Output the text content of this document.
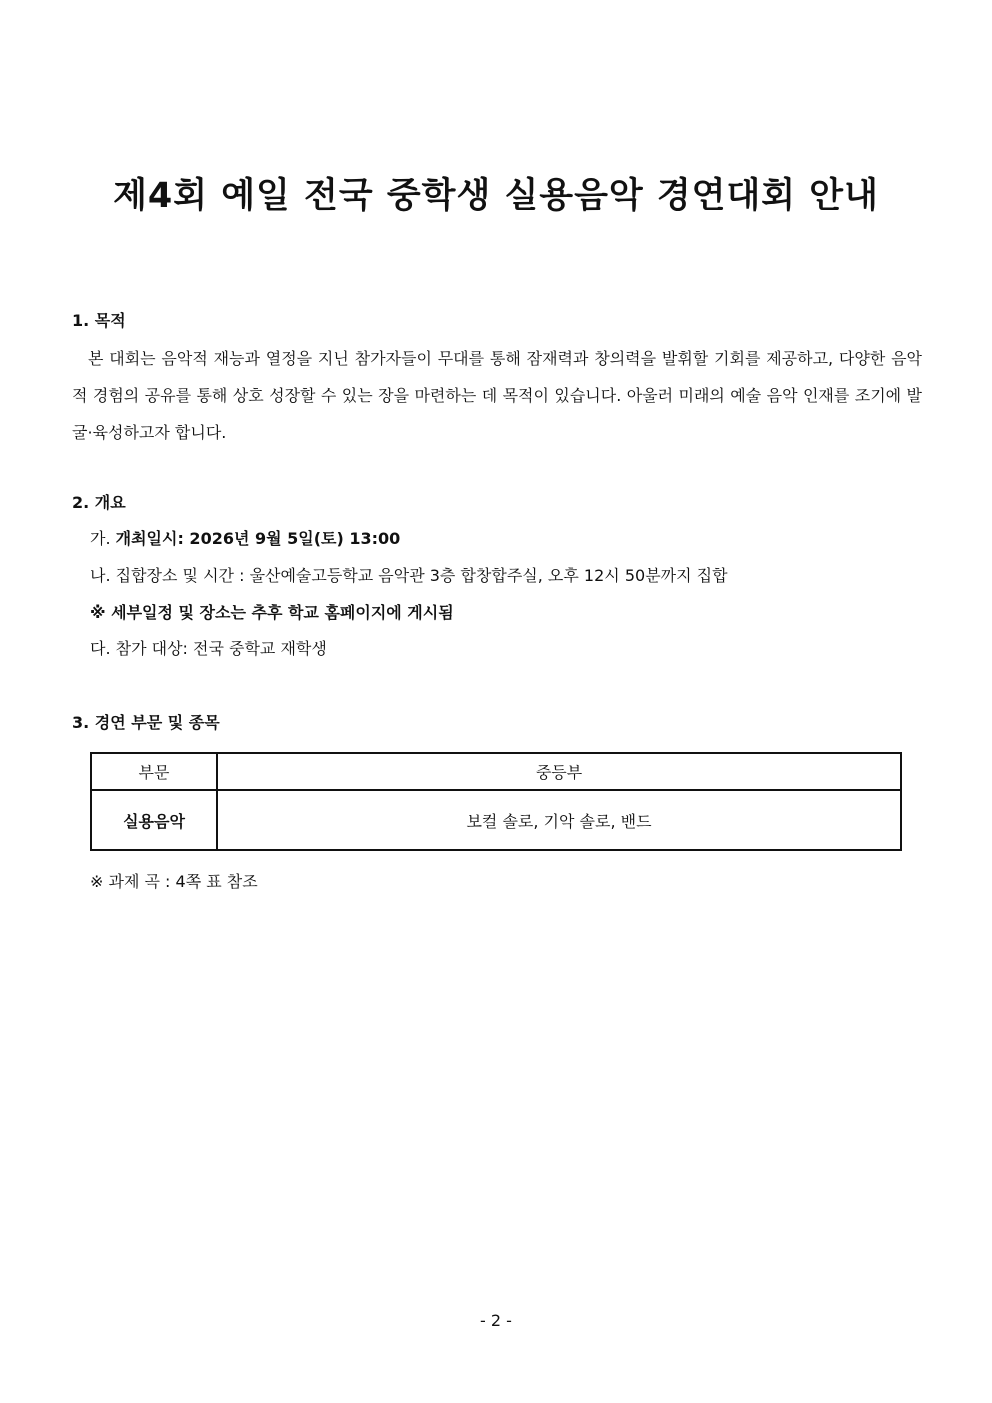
제4회 예일 전국 중학생 실용음악 경연대회 안내
1. 목적
본 대회는 음악적 재능과 열정을 지닌 참가자들이 무대를 통해 잠재력과 창의력을 발휘할 기회를 제공하고, 다양한 음악적 경험의 공유를 통해 상호 성장할 수 있는 장을 마련하는 데 목적이 있습니다. 아울러 미래의 예술 음악 인재를 조기에 발굴·육성하고자 합니다.
2. 개요
가. 개최일시: 2026년 9월 5일(토) 13:00
나. 집합장소 및 시간 : 울산예술고등학교 음악관 3층 합창합주실, 오후 12시 50분까지 집합
※ 세부일정 및 장소는 추후 학교 홈페이지에 게시됨
다. 참가 대상: 전국 중학교 재학생
3. 경연 부문 및 종목
부문	중등부
실용음악	보컬 솔로, 기악 솔로, 밴드
※ 과제 곡 : 4쪽 표 참조
- 2 -
